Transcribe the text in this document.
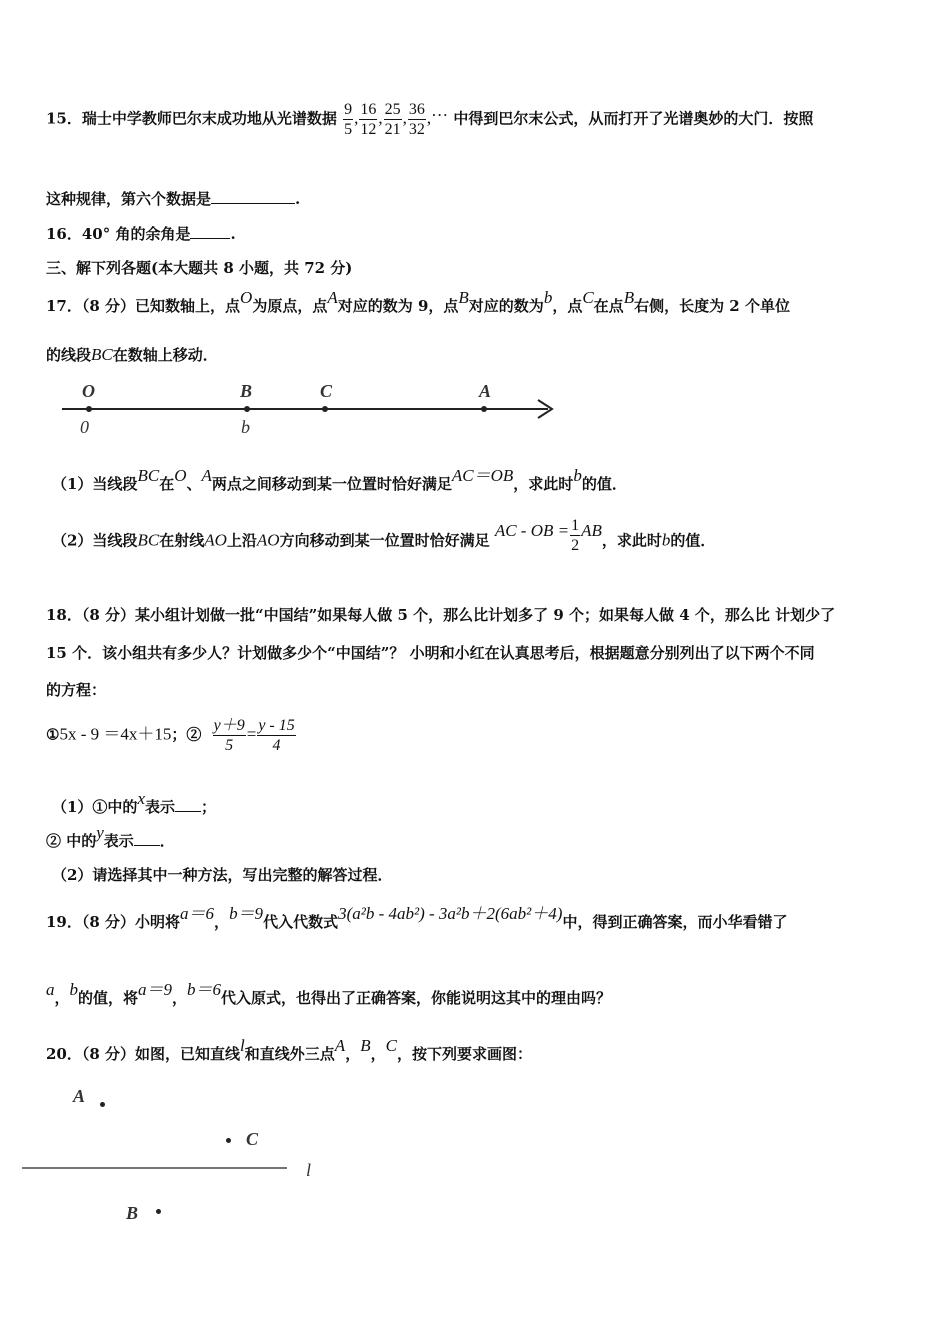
15．瑞士中学教师巴尔末成功地从光谱数据 $\frac{9}{5}$ , $\frac{16}{12}$ , $\frac{25}{21}$ , $\frac{36}{32}$ ,… 中得到巴尔末公式，从而打开了光谱奥妙的大门．按照
这种规律，第六个数据是	.
16．40° 角的余角是	.
三、解下列各题(本大题共 8 小题，共 72 分)
17．（8 分）已知数轴上，点O为原点，点A对应的数为 9，点B对应的数为b，点C在点B右侧，长度为 2 个单位
的线段BC在数轴上移动．
O	B	C	A
0	b
（1）当线段BC在O、A两点之间移动到某一位置时恰好满足AC＝OB，求此时b的值．
（2）当线段BC在射线AO上沿AO方向移动到某一位置时恰好满足 AC - OB = $\frac{1}{2}$ AB，求此时b的值．
18．（8 分）某小组计划做一批“中国结”如果每人做 5 个，那么比计划多了 9 个；如果每人做 4 个，那么比 计划少了
15 个．该小组共有多少人？计划做多少个“中国结”？ 小明和小红在认真思考后，根据题意分别列出了以下两个不同
的方程：
①5x - 9 ＝4x＋15；② $\frac{y+9}{5} = \frac{y - 15}{4}$
（1）①中的x表示 ；
② 中的y表示 ．
（2）请选择其中一种方法，写出完整的解答过程．
19．（8 分）小明将a＝6，b＝9代入代数式3(a²b - 4ab²) - 3a²b＋2(6ab²＋4)中，得到正确答案，而小华看错了
a，b的值，将a＝9，b＝6代入原式，也得出了正确答案，你能说明这其中的理由吗？
20．（8 分）如图，已知直线l和直线外三点A，B，C，按下列要求画图：
A
C
l
B
